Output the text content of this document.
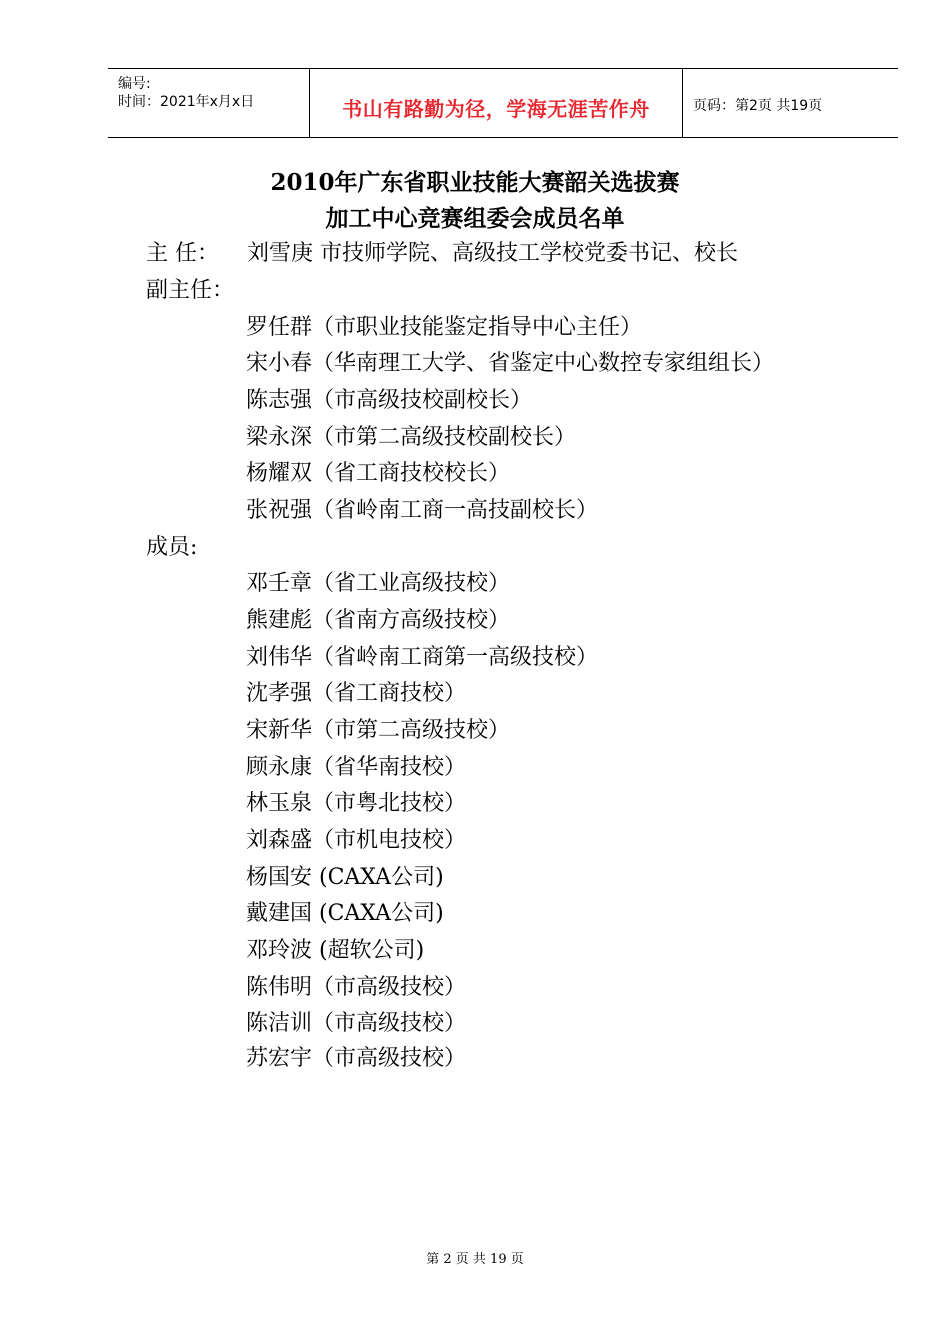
编号:
时间：2021年x月x日	书山有路勤为径，学海无涯苦作舟	页码：第2页 共19页
2010年广东省职业技能大赛韶关选拔赛
加工中心竞赛组委会成员名单
主 任： 刘雪庚 市技师学院、高级技工学校党委书记、校长
副主任：
罗任群（市职业技能鉴定指导中心主任）
宋小春（华南理工大学、省鉴定中心数控专家组组长）
陈志强（市高级技校副校长）
梁永深（市第二高级技校副校长）
杨耀双（省工商技校校长）
张祝强（省岭南工商一高技副校长）
成员:
邓壬章（省工业高级技校）
熊建彪（省南方高级技校）
刘伟华（省岭南工商第一高级技校）
沈孝强（省工商技校）
宋新华（市第二高级技校）
顾永康（省华南技校）
林玉泉（市粤北技校）
刘森盛（市机电技校）
杨国安 (CAXA公司)
戴建国 (CAXA公司)
邓玲波 (超软公司)
陈伟明（市高级技校）
陈洁训（市高级技校）
苏宏宇（市高级技校）
第 2 页 共 19 页
